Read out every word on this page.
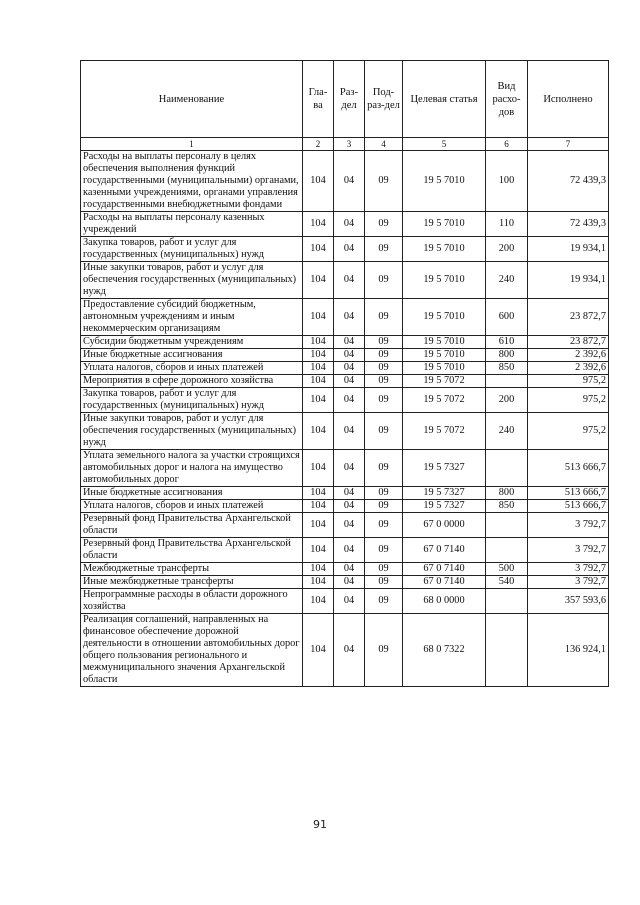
Наименование	Гла-ва	Раз-дел	Под-раз-дел	Целевая статья	Вид расхо-дов	Исполнено
1	2	3	4	5	6	7
Расходы на выплаты персоналу в целях обеспечения выполнения функций государственными (муниципальными) органами, казенными учреждениями, органами управления государственными внебюджетными фондами	104	04	09	19 5 7010	100	72 439,3
Расходы на выплаты персоналу казенных учреждений	104	04	09	19 5 7010	110	72 439,3
Закупка товаров, работ и услуг для государственных (муниципальных) нужд	104	04	09	19 5 7010	200	19 934,1
Иные закупки товаров, работ и услуг для обеспечения государственных (муниципальных) нужд	104	04	09	19 5 7010	240	19 934,1
Предоставление субсидий бюджетным, автономным учреждениям и иным некоммерческим организациям	104	04	09	19 5 7010	600	23 872,7
Субсидии бюджетным учреждениям	104	04	09	19 5 7010	610	23 872,7
Иные бюджетные ассигнования	104	04	09	19 5 7010	800	2 392,6
Уплата налогов, сборов и иных платежей	104	04	09	19 5 7010	850	2 392,6
Мероприятия в сфере дорожного хозяйства	104	04	09	19 5 7072		975,2
Закупка товаров, работ и услуг для государственных (муниципальных) нужд	104	04	09	19 5 7072	200	975,2
Иные закупки товаров, работ и услуг для обеспечения государственных (муниципальных) нужд	104	04	09	19 5 7072	240	975,2
Уплата земельного налога за участки строящихся автомобильных дорог и налога на имущество автомобильных дорог	104	04	09	19 5 7327		513 666,7
Иные бюджетные ассигнования	104	04	09	19 5 7327	800	513 666,7
Уплата налогов, сборов и иных платежей	104	04	09	19 5 7327	850	513 666,7
Резервный фонд Правительства Архангельской области	104	04	09	67 0 0000		3 792,7
Резервный фонд Правительства Архангельской области	104	04	09	67 0 7140		3 792,7
Межбюджетные трансферты	104	04	09	67 0 7140	500	3 792,7
Иные межбюджетные трансферты	104	04	09	67 0 7140	540	3 792,7
Непрограммные расходы в области дорожного хозяйства	104	04	09	68 0 0000		357 593,6
Реализация соглашений, направленных на финансовое обеспечение дорожной деятельности в отношении автомобильных дорог общего пользования регионального и межмуниципального значения Архангельской области	104	04	09	68 0 7322		136 924,1
91
